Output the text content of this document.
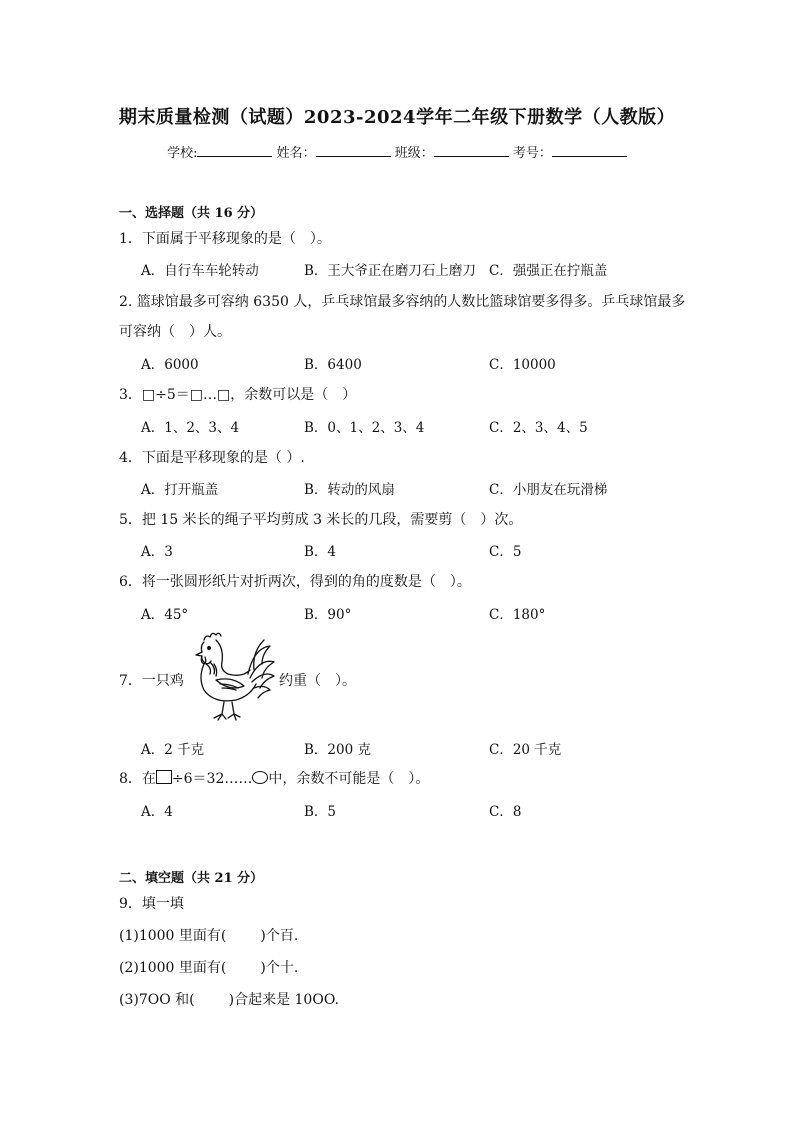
期末质量检测（试题）2023-2024学年二年级下册数学（人教版）
学校:	姓名：	班级：	考号：
一、选择题（共 16 分）
1．下面属于平移现象的是（　）。
A．自行车车轮转动	B．王大爷正在磨刀石上磨刀 C．强强正在拧瓶盖
2. 篮球馆最多可容纳 6350 人，乒乓球馆最多容纳的人数比篮球馆要多得多。乒乓球馆最多
可容纳（　）人。
A．6000	B．6400	C．10000
3．□÷5＝□…□，余数可以是（　）
A．1、2、3、4	B．0、1、2、3、4	C．2、3、4、5
4．下面是平移现象的是（ ）.
A．打开瓶盖	B．转动的风扇	C．小朋友在玩滑梯
5．把 15 米长的绳子平均剪成 3 米长的几段，需要剪（　）次。
A．3	B．4	C．5
6．将一张圆形纸片对折两次，得到的角的度数是（　）。
A．45°	B．90°	C．180°
7．一只鸡	约重（　）。
A．2 千克	B．200 克	C．20 千克
8．在 ÷6＝32…… 中，余数不可能是（　）。
A．4	B．5	C．8
二、填空题（共 21 分）
9．填一填
(1)1000 里面有( )个百.
(2)1000 里面有( )个十.
(3)7OO 和( )合起来是 10OO.
